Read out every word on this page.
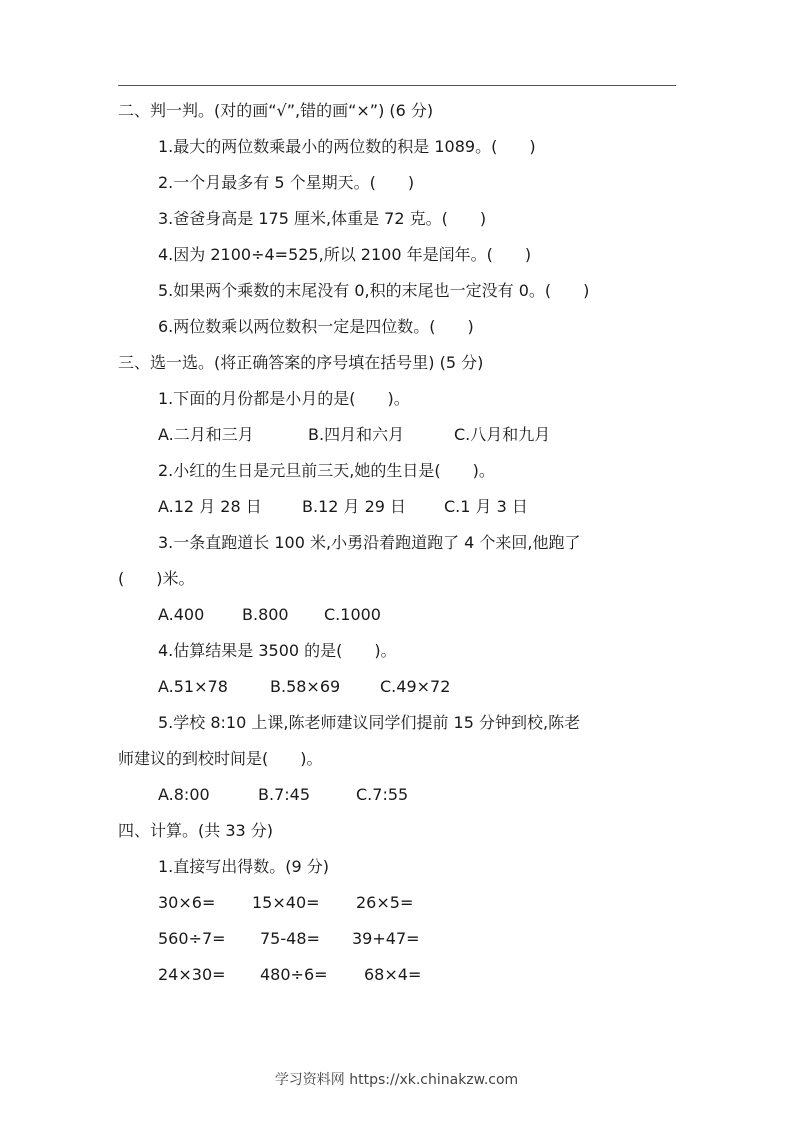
二、判一判。(对的画“√”,错的画“×”) (6 分)
1.最大的两位数乘最小的两位数的积是 1089。(　　)
2.一个月最多有 5 个星期天。(　　)
3.爸爸身高是 175 厘米,体重是 72 克。(　　)
4.因为 2100÷4=525,所以 2100 年是闰年。(　　)
5.如果两个乘数的末尾没有 0,积的末尾也一定没有 0。(　　)
6.两位数乘以两位数积一定是四位数。(　　)
三、选一选。(将正确答案的序号填在括号里) (5 分)
1.下面的月份都是小月的是(　　)。
A.二月和三月	B.四月和六月	C.八月和九月
2.小红的生日是元旦前三天,她的生日是(　　)。
A.12 月 28 日	B.12 月 29 日 C.1 月 3 日
3.一条直跑道长 100 米,小勇沿着跑道跑了 4 个来回,他跑了
(　　)米。
A.400 B.800 C.1000
4.估算结果是 3500 的是(　　)。
A.51×78	B.58×69 C.49×72
5.学校 8:10 上课,陈老师建议同学们提前 15 分钟到校,陈老
师建议的到校时间是(　　)。
A.8:00	B.7:45	C.7:55
四、计算。(共 33 分)
1.直接写出得数。(9 分)
30×6= 15×40= 26×5=
560÷7= 75-48= 39+47=
24×30= 480÷6= 68×4=
学习资料网 https://xk.chinakzw.com
